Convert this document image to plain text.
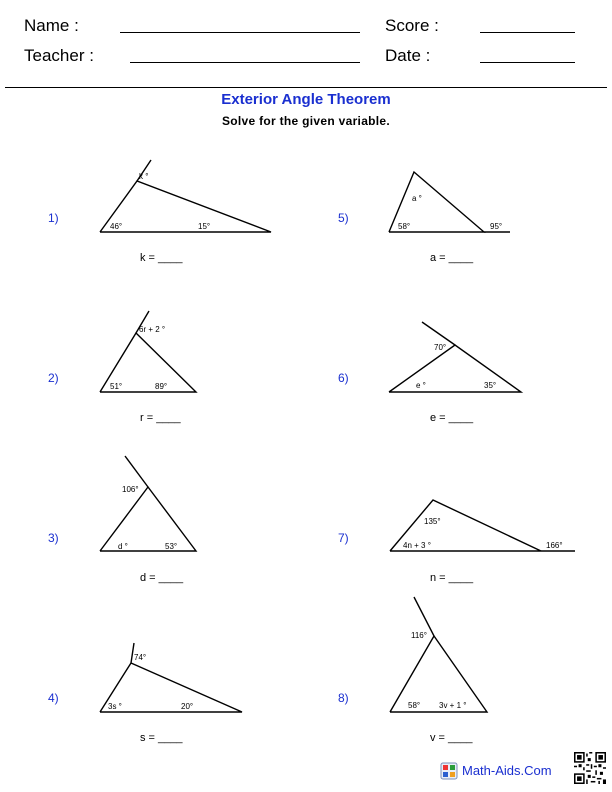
Name :
Teacher :
Score :
Date :
Exterior Angle Theorem
Solve for the given variable.
1)
2)
3)
4)
5)
6)
7)
8)
k °
46°	15°
6r + 2 °
51°	89°
106°
d °	53°
74°
3s °	20°
95°
58°
a °
70°
e °	35°
166°
4n + 3 °
135°
116°
58° 3v + 1 °
k = ____
r = ____
d = ____
s = ____
a = ____
e = ____
n = ____
v = ____
Math-Aids.Com
